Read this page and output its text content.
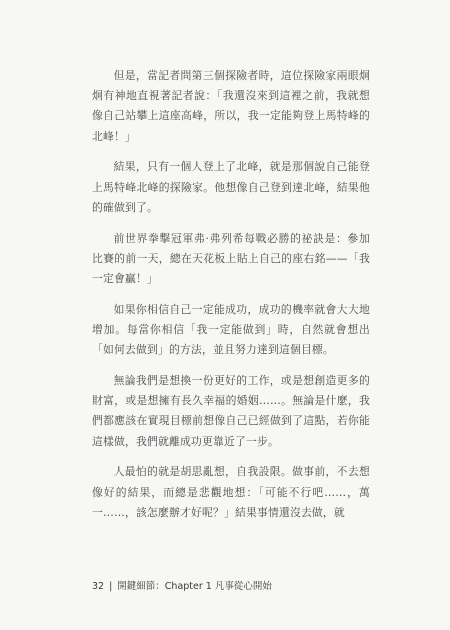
但是，當記者問第三個探險者時，這位探險家兩眼炯炯有神地直視著記者說：「我還沒來到這裡之前，我就想像自己站攀上這座高峰，所以，我一定能夠登上馬特峰的北峰！」

結果，只有一個人登上了北峰，就是那個說自己能登上馬特峰北峰的探險家。他想像自己登到達北峰，結果他的確做到了。

前世界拳擊冠軍弗·弗列希每戰必勝的祕訣是：參加比賽的前一天，總在天花板上貼上自己的座右銘——「我一定會贏！」

如果你相信自己一定能成功，成功的機率就會大大地增加。每當你相信「我一定能做到」時，自然就會想出「如何去做到」的方法，並且努力達到這個目標。

無論我們是想換一份更好的工作，或是想創造更多的財富，或是想擁有長久幸福的婚姻……。無論是什麼，我們都應該在實現目標前想像自己已經做到了這點，若你能這樣做，我們就離成功更靠近了一步。

人最怕的就是胡思亂想，自我設限。做事前，不去想像好的結果，而總是悲觀地想：「可能不行吧……，萬一……，該怎麼辦才好呢？」結果事情還沒去做，就

32 | 開鍵細節：Chapter 1 凡事從心開始
